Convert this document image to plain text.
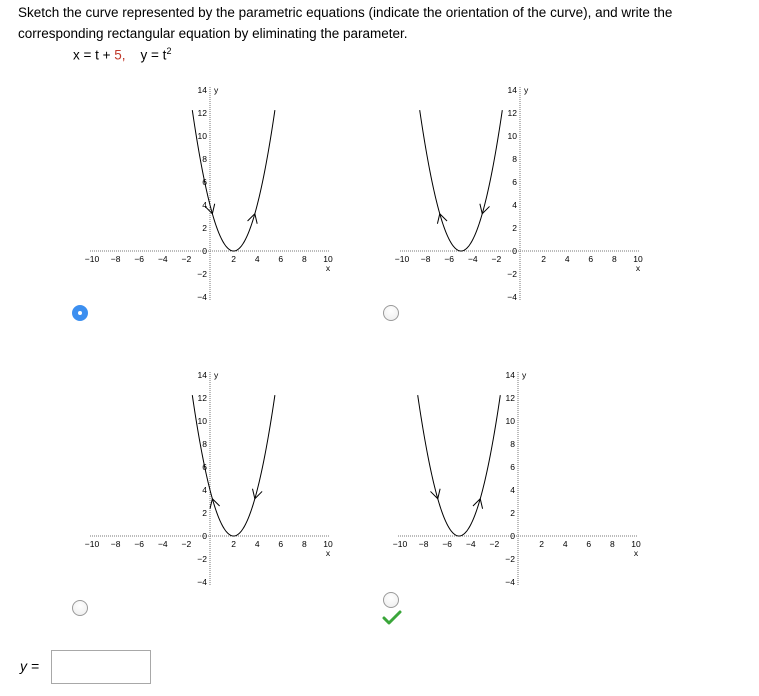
Sketch the curve represented by the parametric equations (indicate the orientation of the curve), and write the corresponding rectangular equation by eliminating the parameter.
x = t + 5,    $y = t^2$
−10 −8 −6 −4 −2	2 4 6 8 10
14
12
10
8
6
4
2
0
−2
−4
x
y
−10 −8 −6 −4 −2	2 4 6 8 10
14
12
10
8
6
4
2
0
−2
−4
x
y
−10 −8 −6 −4 −2	2 4 6 8 10
14
12
10
8
6
4
2
0
−2
−4
x
y
−10 −8 −6 −4 −2	2 4 6 8 10
14
12
10
8
6
4
2
0
−2
−4
x
y
y =
